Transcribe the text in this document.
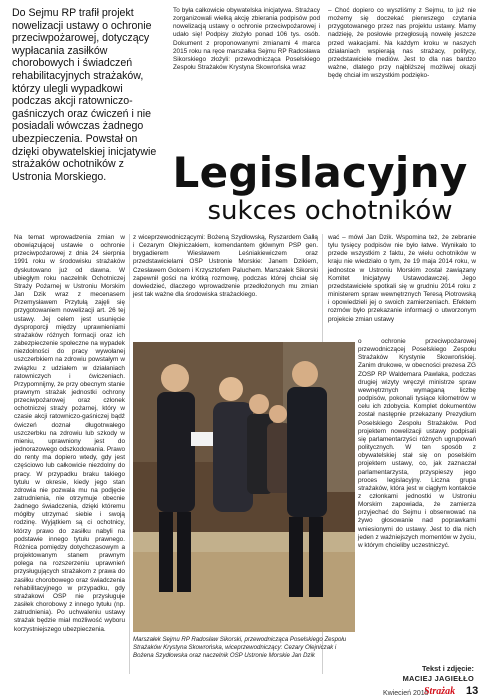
Do Sejmu RP trafił projekt nowelizacji ustawy o ochronie przeciwpożarowej, dotyczący wypłacania zasiłków chorobowych i świadczeń rehabilitacyjnych strażaków, którzy ulegli wypadkowi podczas akcji ratowniczo-gaśniczych oraz ćwiczeń i nie posiadali wówczas żadnego ubezpieczenia. Powstał on dzięki obywatelskiej inicjatywie strażaków ochotników z Ustronia Morskiego.

To była całkowicie obywatelska inicjatywa. Strażacy zorganizowali wielką akcję zbierania podpisów pod nowelizacją ustawy o ochronie przeciwpożarowej i udało się! Podpisy złożyło ponad 106 tys. osób. Dokument z proponowanymi zmianami 4 marca 2015 roku na ręce marszałka Sejmu RP Radosława Sikorskiego złożyli: przewodnicząca Poselskiego Zespołu Strażaków Krystyna Skowrońska wraz

– Choć dopiero co wyszliśmy z Sejmu, to już nie możemy się doczekać pierwszego czytania przygotowanego przez nas projektu ustawy. Mamy nadzieję, że posłowie przegłosują nowelę jeszcze przed wakacjami. Na każdym kroku w naszych działaniach wspierają nas strażacy, politycy, przedstawiciele mediów. Jest to dla nas bardzo ważne, dlatego przy najbliższej możliwej okazji będę chciał im wszystkim podzięko-

Legislacyjny
sukces ochotników

Na temat wprowadzenia zmian w obowiązującej ustawie o ochronie przeciwpożarowej z dnia 24 sierpnia 1991 roku w środowisku strażaków dyskutowano już od dawna. W ubiegłym roku naczelnik Ochotniczej Straży Pożarnej w Ustroniu Morskim Jan Dzik wraz z mecenasem Przemysławem Przytułą zajęli się przygotowaniem nowelizacji art. 26 tej ustawy. Jej celem jest usunięcie dysproporcji między uprawnieniami strażaków różnych formacji oraz ich zabezpieczenie społeczne na wypadek niezdolności do pracy wywołanej uszczerbkiem na zdrowiu powstałym w związku z udziałem w działaniach ratowniczych i ćwiczeniach. Przypomnijmy, że przy obecnym stanie prawnym strażak jednostki ochrony przeciwpożarowej oraz członek ochotniczej straży pożarnej, który w czasie akcji ratowniczo-gaśniczej bądź ćwiczeń doznał długotrwałego uszczerbku na zdrowiu lub szkody w mieniu, uprawniony jest do jednorazowego odszkodowania. Prawo do renty ma dopiero wtedy, gdy jest częściowo lub całkowicie niezdolny do pracy. W przypadku braku takiego tytułu w okresie, kiedy jego stan zdrowia nie pozwala mu na podjęcie zatrudnienia, nie otrzymuje obecnie żadnego świadczenia, dzięki któremu mógłby utrzymać siebie i swoją rodzinę. Wyjątkiem są ci ochotnicy, którzy prawo do zasiłku nabyli na podstawie innego tytułu prawnego. Różnica pomiędzy dotychczasowym a projektowanym stanem prawnym polega na rozszerzeniu uprawnień przysługujących strażakom z prawa do zasiłku chorobowego oraz świadczenia rehabilitacyjnego w przypadku, gdy strażakowi OSP nie przysługuje zasiłek chorobowy z innego tytułu (np. zatrudnienia). Po uchwaleniu ustawy strażak będzie miał możliwość wyboru korzystniejszego ubezpieczenia.

z wiceprzewodniczącymi: Bożeną Szydłowską, Ryszardem Galłą i Cezarym Olejniczakiem, komendantem głównym PSP gen. brygadierem Wiesławem Leśniakiewiczem oraz przedstawicielami OSP Ustronie Morskie: Janem Dzikiem, Czesławem Golcem i Krzysztofem Paluchem. Marszałek Sikorski zapewnił gości na krótką rozmowę, podczas której chciał się dowiedzieć, dlaczego wprowadzenie przedłożonych mu zmian jest tak ważne dla środowiska strażackiego.

wać – mówi Jan Dzik. Wspomina też, że zebranie tylu tysięcy podpisów nie było łatwe. Wynikało to przede wszystkim z faktu, że wielu ochotników w kraju nie wiedziało o tym, że 19 maja 2014 roku, w jednostce w Ustroniu Morskim został zawiązany Komitet Inicjatywy Ustawodawczej. Jego przedstawiciele spotkali się w grudniu 2014 roku z ministerem spraw wewnętrznych Teresą Piotrowską i opowiedzieli jej o swoich zamierzeniach. Efektem rozmów było przekazanie informacji o utworzonym projekcie zmian ustawy

o ochronie przeciwpożarowej przewodniczącej Poselskiego Zespołu Strażaków Krystynie Skowrońskiej. Zanim drukowe, w obecności prezesa ZG ZOSP RP Waldemara Pawlaka, podczas drugiej wizyty wręczył ministrze spraw wewnętrznych wymaganą liczbę podpisów, pokonali tysiące kilometrów w celu ich zdobycia. Komplet dokumentów został następnie przekazany Prezydium Poselskiego Zespołu Strażaków. Pod projektem nowelizacji ustawy podpisali się parlamentarzyści różnych ugrupowań politycznych. W ten sposób z obywatelskiej stał się on poselskim projektem ustawy, co, jak zaznaczał parlamentarzysta, przyspieszy jego proces legislacyjny. Liczna grupa strażaków, która jest w ciągłym kontakcie z członkami jednostki w Ustroniu Morskim zapowiada, że zamierza przyjechać do Sejmu i obserwować na żywo głosowanie nad poprawkami wniesionymi do ustawy. Jest to dla nich jeden z ważniejszych momentów w życiu, w którym chcieliby uczestniczyć.

Marszałek Sejmu RP Radosław Sikorski, przewodnicząca Poselskiego Zespołu Strażaków Krystyna Skowrońska, wiceprzewodniczący: Cezary Olejniczak i Bożena Szydłowska oraz naczelnik OSP Ustronie Morskie Jan Dzik
Tekst i zdjęcie:
MACIEJ JAGIEŁŁO
Kwiecień 2015
Strażak 13
